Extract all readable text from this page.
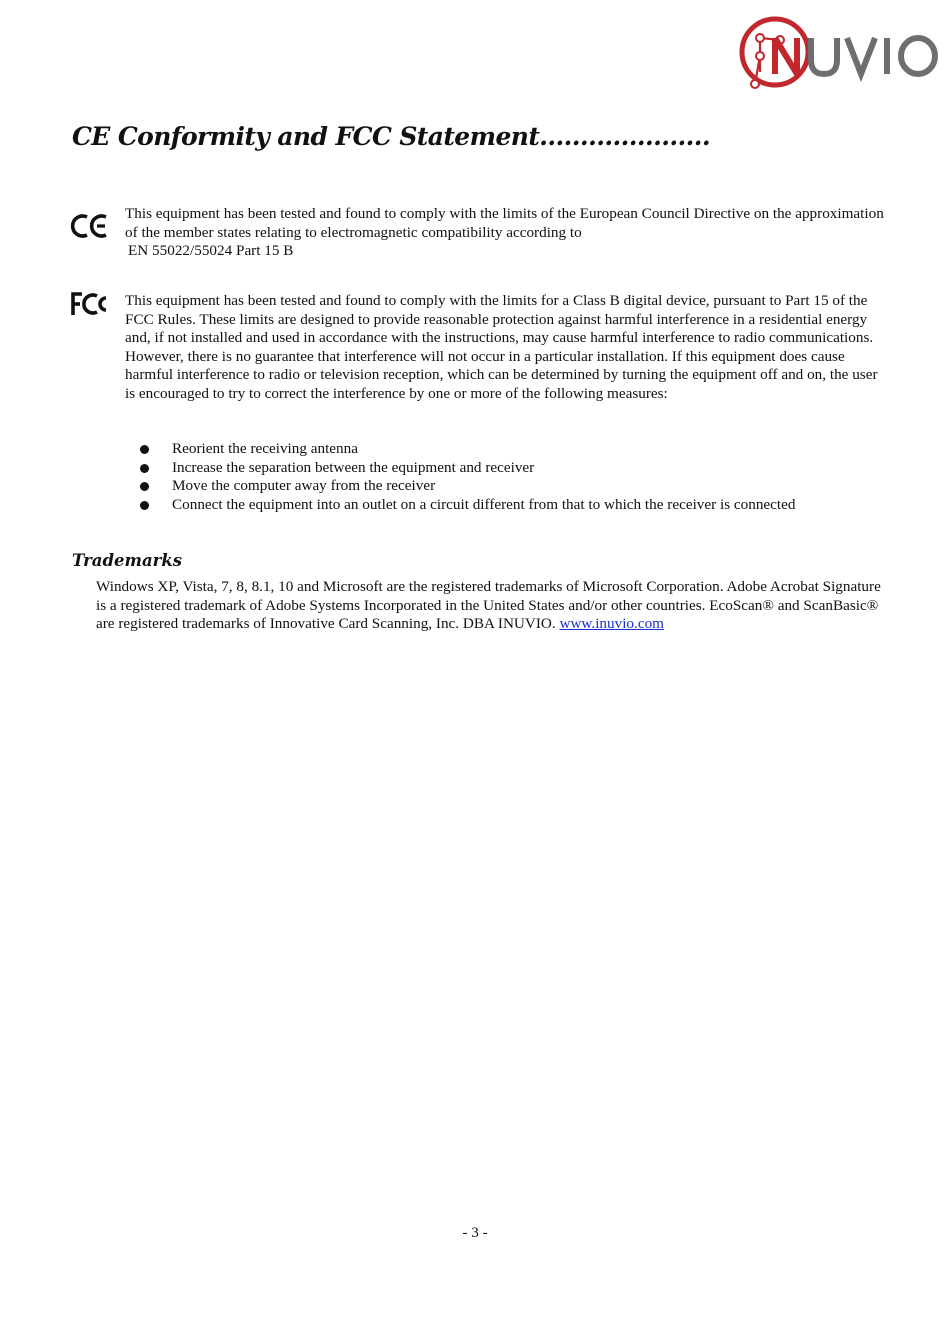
CE Conformity and FCC Statement…………………

This equipment has been tested and found to comply with the limits of the European Council Directive on the approximation of the member states relating to electromagnetic compatibility according to

EN 55022/55024 Part 15 B

This equipment has been tested and found to comply with the limits for a Class B digital device, pursuant to Part 15 of the FCC Rules. These limits are designed to provide reasonable protection against harmful interference in a residential energy and, if not installed and used in accordance with the instructions, may cause harmful interference to radio communications. However, there is no guarantee that interference will not occur in a particular installation. If this equipment does cause harmful interference to radio or television reception, which can be determined by turning the equipment off and on, the user is encouraged to try to correct the interference by one or more of the following measures:

Reorient the receiving antenna
Increase the separation between the equipment and receiver
Move the computer away from the receiver
Connect the equipment into an outlet on a circuit different from that to which the receiver is connected
Trademarks

Windows XP, Vista, 7, 8, 8.1, 10 and Microsoft are the registered trademarks of Microsoft Corporation. Adobe Acrobat Signature is a registered trademark of Adobe Systems Incorporated in the United States and/or other countries. EcoScan® and ScanBasic® are registered trademarks of Innovative Card Scanning, Inc. DBA INUVIO. www.inuvio.com

- 3 -
